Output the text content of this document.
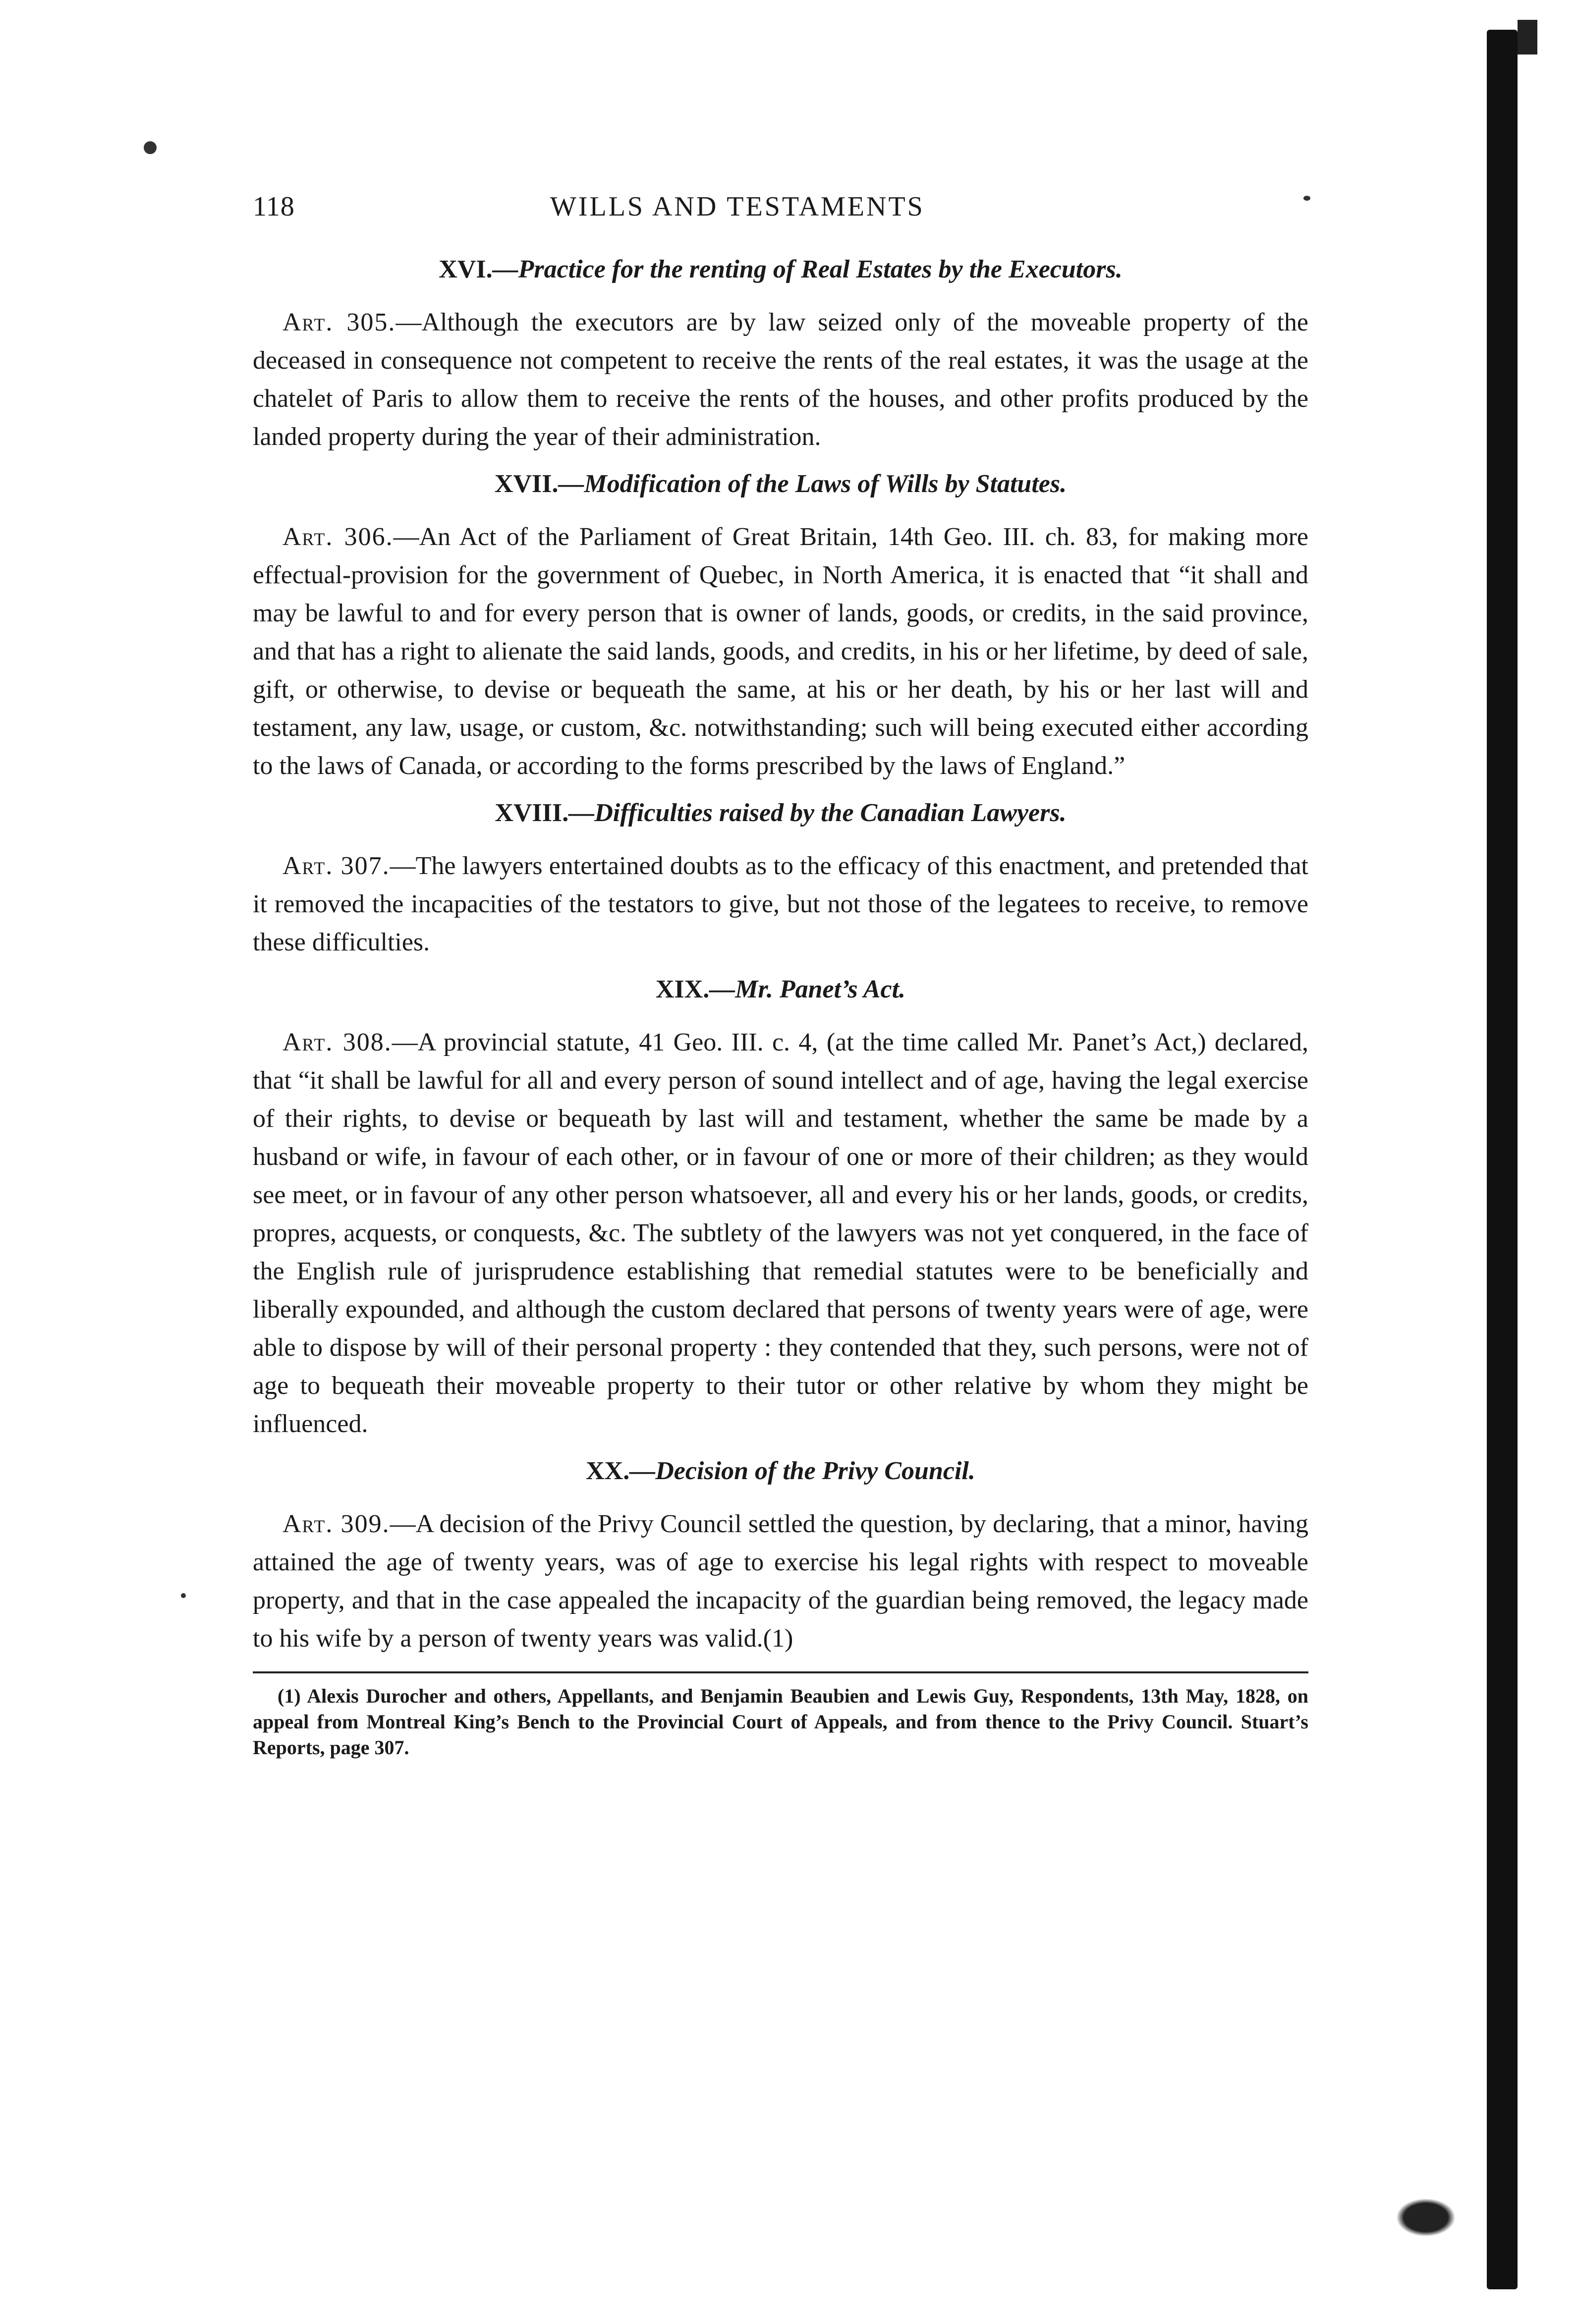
118	WILLS AND TESTAMENTS
XVI.—Practice for the renting of Real Estates by the Executors.

Art. 305.—Although the executors are by law seized only of the moveable property of the deceased in consequence not competent to receive the rents of the real estates, it was the usage at the chatelet of Paris to allow them to receive the rents of the houses, and other profits produced by the landed property during the year of their administration.

XVII.—Modification of the Laws of Wills by Statutes.

Art. 306.—An Act of the Parliament of Great Britain, 14th Geo. III. ch. 83, for making more effectual-provision for the government of Quebec, in North America, it is enacted that “it shall and may be lawful to and for every person that is owner of lands, goods, or credits, in the said province, and that has a right to alienate the said lands, goods, and credits, in his or her lifetime, by deed of sale, gift, or otherwise, to devise or bequeath the same, at his or her death, by his or her last will and testament, any law, usage, or custom, &c. notwithstanding; such will being executed either according to the laws of Canada, or according to the forms prescribed by the laws of England.”

XVIII.—Difficulties raised by the Canadian Lawyers.

Art. 307.—The lawyers entertained doubts as to the efficacy of this enactment, and pretended that it removed the incapacities of the testators to give, but not those of the legatees to receive, to remove these difficulties.

XIX.—Mr. Panet’s Act.

Art. 308.—A provincial statute, 41 Geo. III. c. 4, (at the time called Mr. Panet’s Act,) declared, that “it shall be lawful for all and every person of sound intellect and of age, having the legal exercise of their rights, to devise or bequeath by last will and testament, whether the same be made by a husband or wife, in favour of each other, or in favour of one or more of their children; as they would see meet, or in favour of any other person whatsoever, all and every his or her lands, goods, or credits, propres, acquests, or conquests, &c. The subtlety of the lawyers was not yet conquered, in the face of the English rule of jurisprudence establishing that remedial statutes were to be beneficially and liberally expounded, and although the custom declared that persons of twenty years were of age, were able to dispose by will of their personal property : they contended that they, such persons, were not of age to bequeath their moveable property to their tutor or other relative by whom they might be influenced.

XX.—Decision of the Privy Council.

Art. 309.—A decision of the Privy Council settled the question, by declaring, that a minor, having attained the age of twenty years, was of age to exercise his legal rights with respect to moveable property, and that in the case appealed the incapacity of the guardian being removed, the legacy made to his wife by a person of twenty years was valid.(1)

(1) Alexis Durocher and others, Appellants, and Benjamin Beaubien and Lewis Guy, Respondents, 13th May, 1828, on appeal from Montreal King’s Bench to the Provincial Court of Appeals, and from thence to the Privy Council. Stuart’s Reports, page 307.
